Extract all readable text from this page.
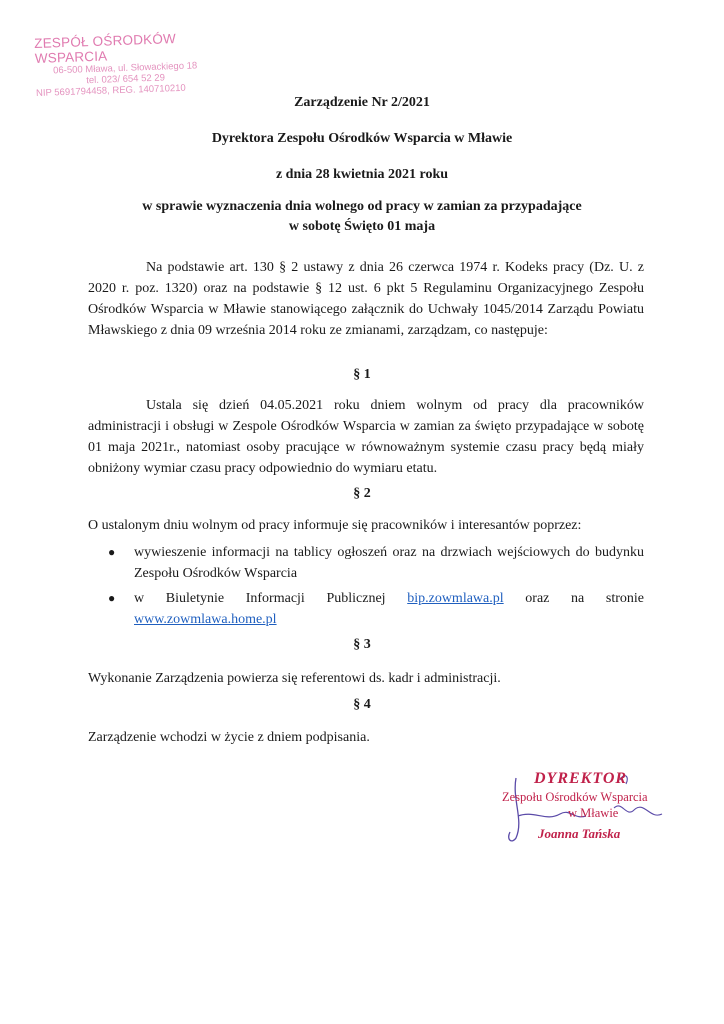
ZESPÓŁ OŚRODKÓW WSPARCIA
06-500 Mława, ul. Słowackiego 18
tel. 023/ 654 52 29
NIP 5691794458, REG. 140710210
Zarządzenie Nr 2/2021
Dyrektora Zespołu Ośrodków Wsparcia w Mławie
z dnia 28 kwietnia 2021 roku
w sprawie wyznaczenia dnia wolnego od pracy w zamian za przypadające
w sobotę Święto 01 maja

Na podstawie art. 130 § 2 ustawy z dnia 26 czerwca 1974 r. Kodeks pracy (Dz. U. z 2020 r. poz. 1320) oraz na podstawie § 12 ust. 6 pkt 5 Regulaminu Organizacyjnego Zespołu Ośrodków Wsparcia w Mławie stanowiącego załącznik do Uchwały 1045/2014 Zarządu Powiatu Mławskiego z dnia 09 września 2014 roku ze zmianami, zarządzam, co następuje:

§ 1

Ustala się dzień 04.05.2021 roku dniem wolnym od pracy dla pracowników administracji i obsługi w Zespole Ośrodków Wsparcia w zamian za święto przypadające w sobotę 01 maja 2021r., natomiast osoby pracujące w równoważnym systemie czasu pracy będą miały obniżony wymiar czasu pracy odpowiednio do wymiaru etatu.

§ 2

O ustalonym dniu wolnym od pracy informuje się pracowników i interesantów poprzez:

● wywieszenie informacji na tablicy ogłoszeń oraz na drzwiach wejściowych do budynku Zespołu Ośrodków Wsparcia
● w Biuletynie Informacji Publicznej bip.zowmlawa.pl oraz na stronie www.zowmlawa.home.pl
§ 3

Wykonanie Zarządzenia powierza się referentowi ds. kadr i administracji.

§ 4

Zarządzenie wchodzi w życie z dniem podpisania.

DYREKTOR
Zespołu Ośrodków Wsparcia
w Mławie
Joanna Tańska
